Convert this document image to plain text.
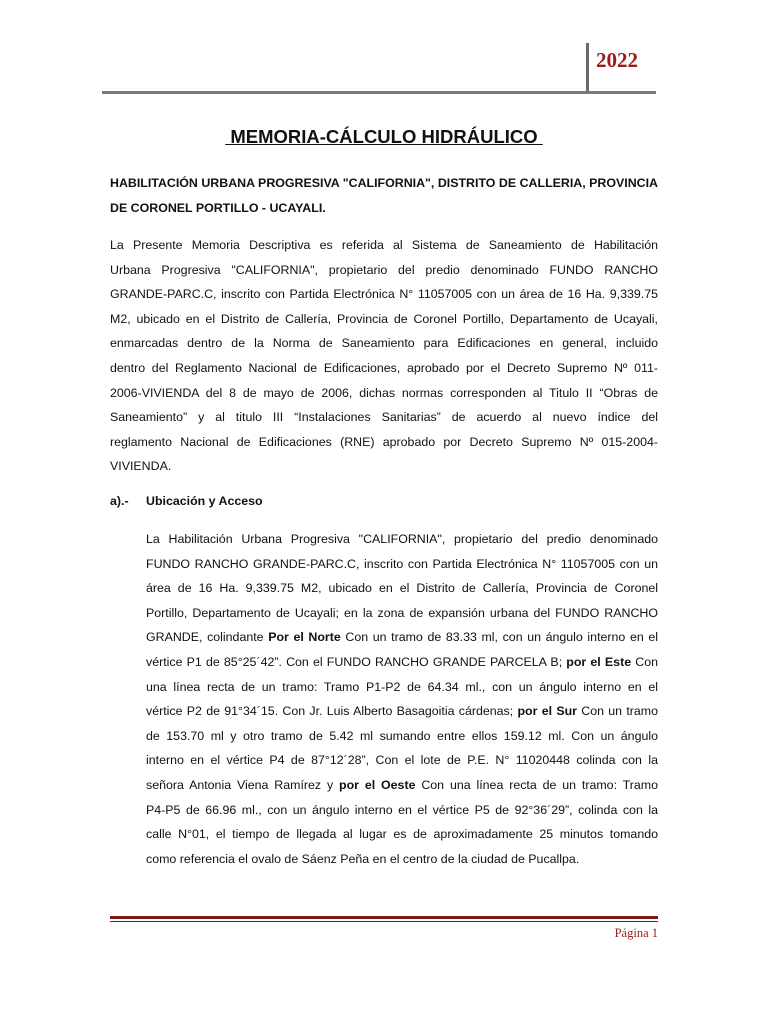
2022
MEMORIA-CÁLCULO HIDRÁULICO

HABILITACIÓN URBANA PROGRESIVA "CALIFORNIA", DISTRITO DE CALLERIA, PROVINCIA DE CORONEL PORTILLO - UCAYALI.

La Presente Memoria Descriptiva es referida al Sistema de Saneamiento de Habilitación
Urbana Progresiva "CALIFORNIA", propietario del predio denominado FUNDO RANCHO
GRANDE-PARC.C, inscrito con Partida Electrónica N° 11057005 con un área de 16 Ha. 9,339.75
M2, ubicado en el Distrito de Callería, Provincia de Coronel Portillo, Departamento de Ucayali,
enmarcadas dentro de la Norma de Saneamiento para Edificaciones en general, incluido
dentro del Reglamento Nacional de Edificaciones, aprobado por el Decreto Supremo Nº 011-
2006-VIVIENDA del 8 de mayo de 2006, dichas normas corresponden al Titulo II “Obras de
Saneamiento” y al titulo III “Instalaciones Sanitarias” de acuerdo al nuevo índice del
reglamento Nacional de Edificaciones (RNE) aprobado por Decreto Supremo Nº 015-2004-
VIVIENDA.
a).- Ubicación y Acceso
La Habilitación Urbana Progresiva "CALIFORNIA", propietario del predio denominado
FUNDO RANCHO GRANDE-PARC.C, inscrito con Partida Electrónica N° 11057005 con un
área de 16 Ha. 9,339.75 M2, ubicado en el Distrito de Callería, Provincia de Coronel
Portillo, Departamento de Ucayali; en la zona de expansión urbana del FUNDO RANCHO
GRANDE, colindante Por el Norte Con un tramo de 83.33 ml, con un ángulo interno en el
vértice P1 de 85°25´42”. Con el FUNDO RANCHO GRANDE PARCELA B; por el Este Con
una línea recta de un tramo: Tramo P1-P2 de 64.34 ml., con un ángulo interno en el
vértice P2 de 91°34´15. Con Jr. Luis Alberto Basagoitia cárdenas; por el Sur Con un tramo
de 153.70 ml y otro tramo de 5.42 ml sumando entre ellos 159.12 ml. Con un ángulo
interno en el vértice P4 de 87°12´28”, Con el lote de P.E. N° 11020448 colinda con la
señora Antonia Viena Ramírez y por el Oeste Con una línea recta de un tramo: Tramo
P4-P5 de 66.96 ml., con un ángulo interno en el vértice P5 de 92°36´29”, colinda con la
calle N°01, el tiempo de llegada al lugar es de aproximadamente 25 minutos tomando
como referencia el ovalo de Sáenz Peña en el centro de la ciudad de Pucallpa.
Página 1
